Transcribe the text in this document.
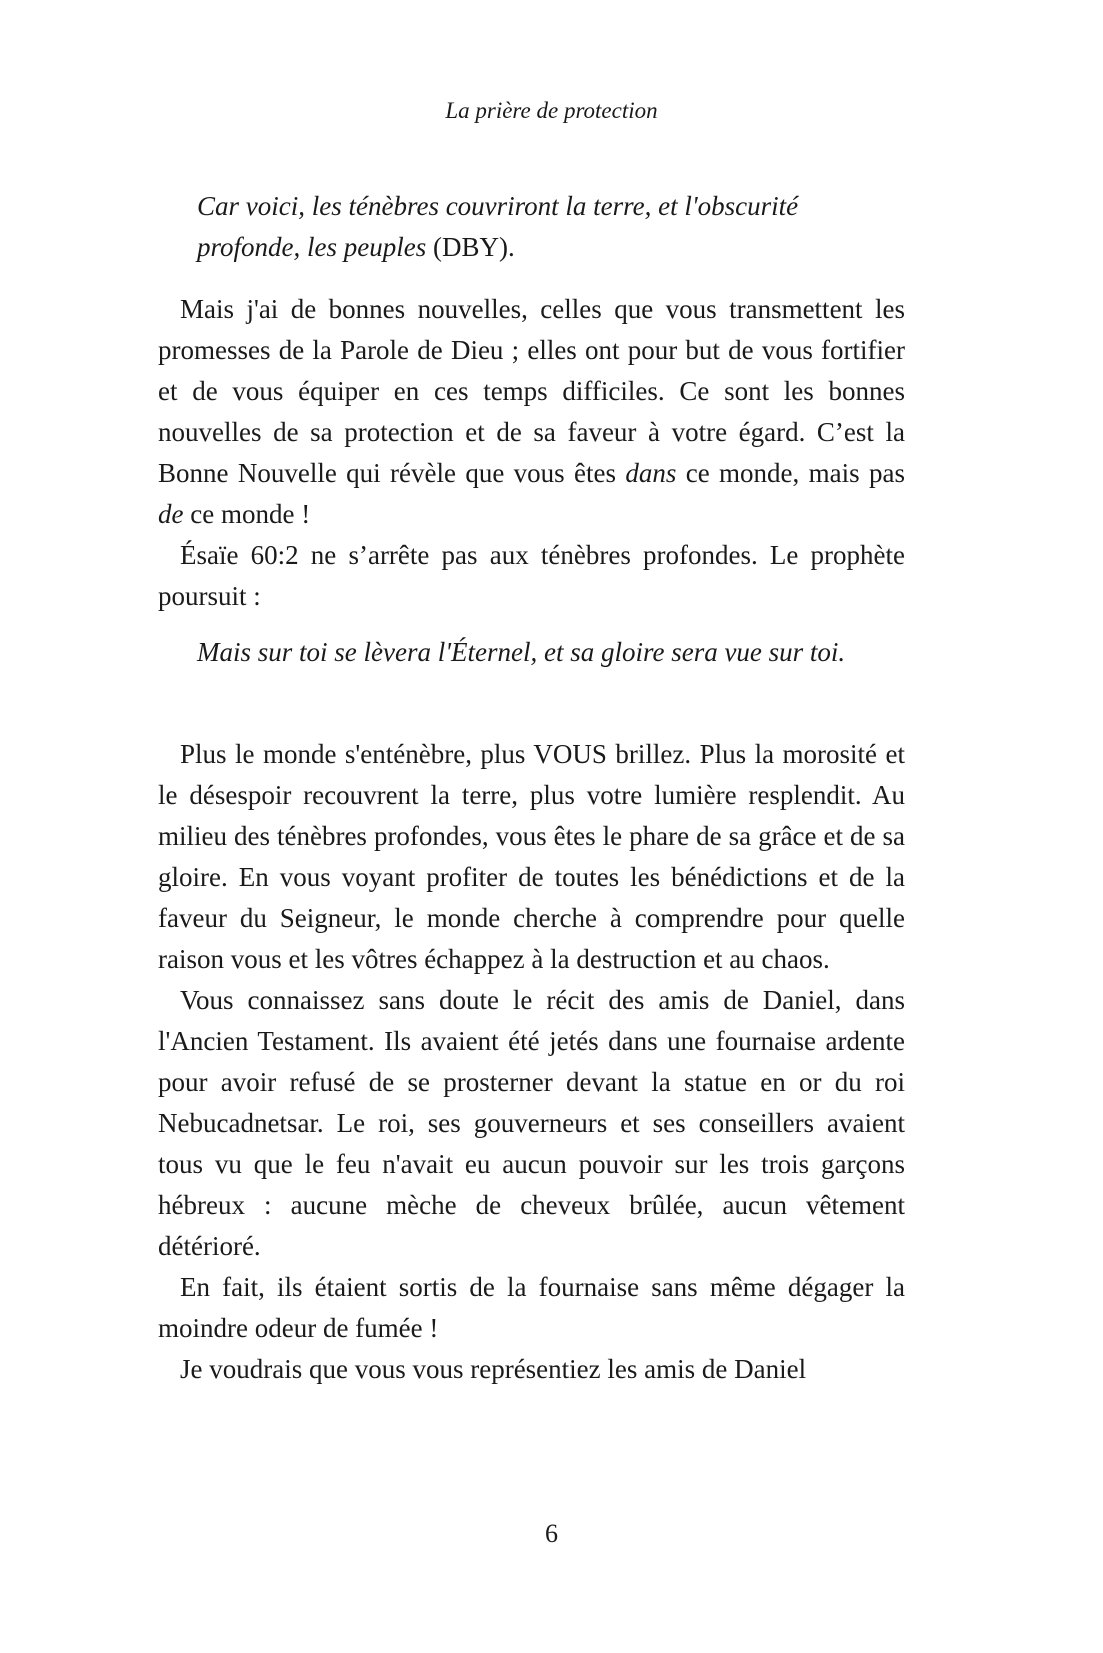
La prière de protection
Car voici, les ténèbres couvriront la terre, et l'obscurité profonde, les peuples (DBY).

Mais j'ai de bonnes nouvelles, celles que vous transmettent les promesses de la Parole de Dieu ; elles ont pour but de vous fortifier et de vous équiper en ces temps difficiles. Ce sont les bonnes nouvelles de sa protection et de sa faveur à votre égard. C’est la Bonne Nouvelle qui révèle que vous êtes dans ce monde, mais pas de ce monde !

Ésaïe 60:2 ne s’arrête pas aux ténèbres profondes. Le prophète poursuit :

Mais sur toi se lèvera l'Éternel, et sa gloire sera vue sur toi.

Plus le monde s'enténèbre, plus VOUS brillez. Plus la morosité et le désespoir recouvrent la terre, plus votre lumière resplendit. Au milieu des ténèbres profondes, vous êtes le phare de sa grâce et de sa gloire. En vous voyant profiter de toutes les bénédictions et de la faveur du Seigneur, le monde cherche à comprendre pour quelle raison vous et les vôtres échappez à la destruction et au chaos.

Vous connaissez sans doute le récit des amis de Daniel, dans l'Ancien Testament. Ils avaient été jetés dans une fournaise ardente pour avoir refusé de se prosterner devant la statue en or du roi Nebucadnetsar. Le roi, ses gouverneurs et ses conseillers avaient tous vu que le feu n'avait eu aucun pouvoir sur les trois garçons hébreux : aucune mèche de cheveux brûlée, aucun vêtement détérioré.

En fait, ils étaient sortis de la fournaise sans même dégager la moindre odeur de fumée !

Je voudrais que vous vous représentiez les amis de Daniel

6
